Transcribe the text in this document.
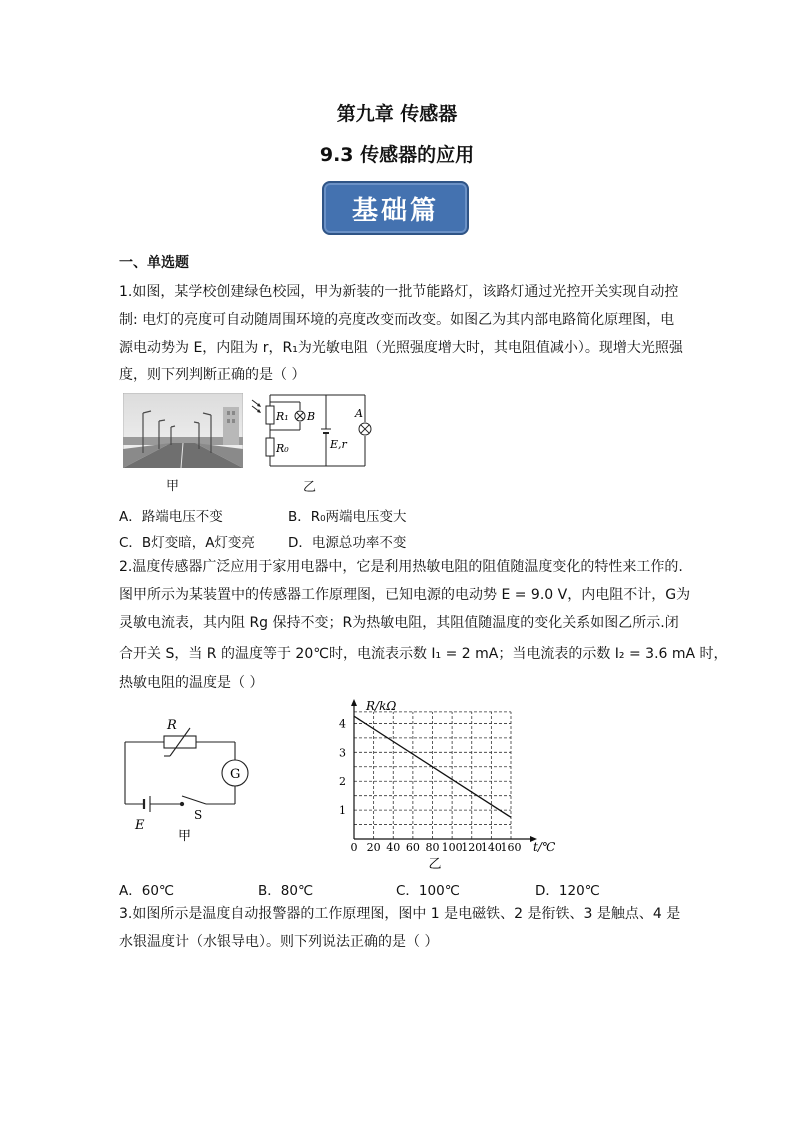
第九章 传感器
9.3 传感器的应用
基础篇
一、单选题
1.如图，某学校创建绿色校园，甲为新装的一批节能路灯，该路灯通过光控开关实现自动控
制: 电灯的亮度可自动随周围环境的亮度改变而改变。如图乙为其内部电路简化原理图，电
源电动势为 E，内阻为 r，R₁为光敏电阻（光照强度增大时，其电阻值减小）。现增大光照强
度，则下列判断正确的是（ ）
甲
R₁ B
R₀
A
E,r
乙
A．路端电压不变	B．R₀两端电压变大
C．B灯变暗，A灯变亮 D．电源总功率不变
2.温度传感器广泛应用于家用电器中，它是利用热敏电阻的阻值随温度变化的特性来工作的.
图甲所示为某装置中的传感器工作原理图，已知电源的电动势 E = 9.0 V，内电阻不计，G为
灵敏电流表，其内阻 Rg 保持不变；R为热敏电阻，其阻值随温度的变化关系如图乙所示.闭
合开关 S，当 R 的温度等于 20℃时，电流表示数 I₁ = 2 mA；当电流表的示数 I₂ = 3.6 mA 时，
热敏电阻的温度是（ ）
R
G
E
S
甲
0 20 40 60 80 100
120
140
160
1
2
3
4
R/kΩ
t/℃
乙
A．60℃	B．80℃	C．100℃	D．120℃
3.如图所示是温度自动报警器的工作原理图，图中 1 是电磁铁、2 是衔铁、3 是触点、4 是
水银温度计（水银导电）。则下列说法正确的是（ ）
